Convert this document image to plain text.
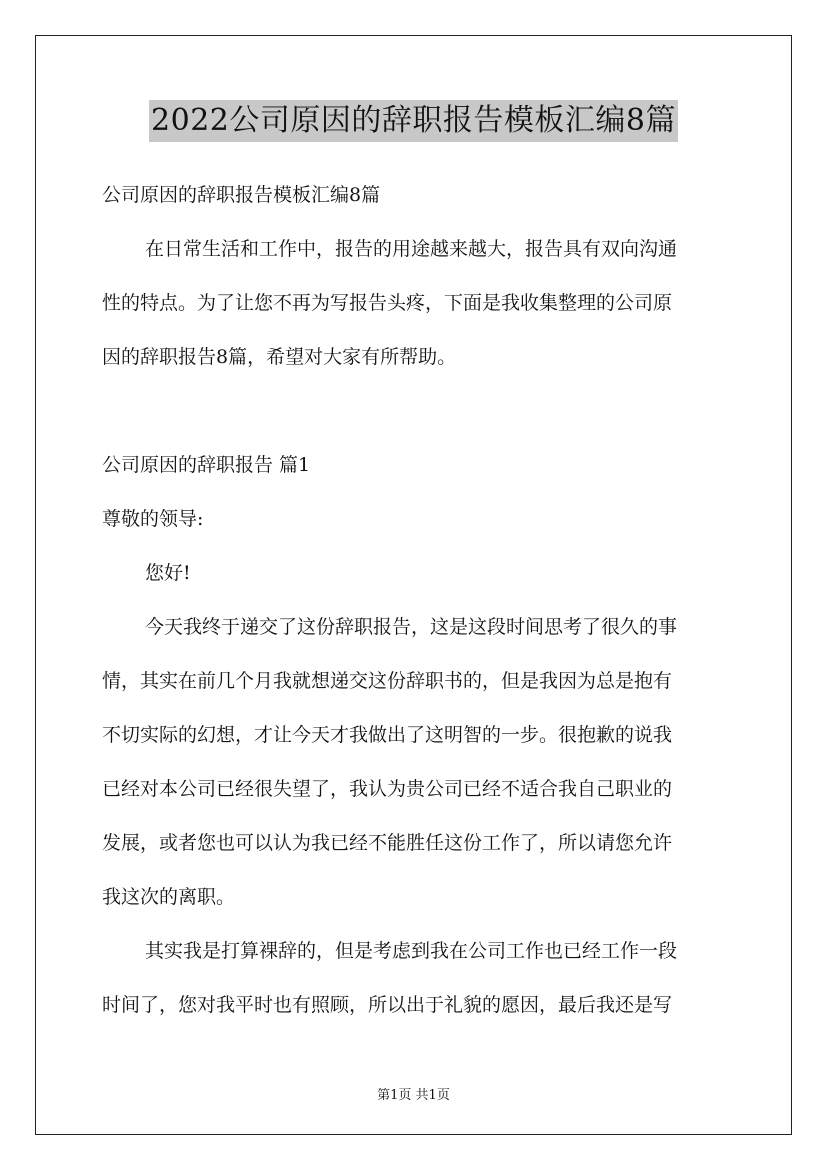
2022公司原因的辞职报告模板汇编8篇
公司原因的辞职报告模板汇编8篇
在日常生活和工作中，报告的用途越来越大，报告具有双向沟通
性的特点。为了让您不再为写报告头疼，下面是我收集整理的公司原
因的辞职报告8篇，希望对大家有所帮助。
公司原因的辞职报告 篇1
尊敬的领导:
您好!
今天我终于递交了这份辞职报告，这是这段时间思考了很久的事
情，其实在前几个月我就想递交这份辞职书的，但是我因为总是抱有
不切实际的幻想，才让今天才我做出了这明智的一步。很抱歉的说我
已经对本公司已经很失望了，我认为贵公司已经不适合我自己职业的
发展，或者您也可以认为我已经不能胜任这份工作了，所以请您允许
我这次的离职。
其实我是打算裸辞的，但是考虑到我在公司工作也已经工作一段
时间了，您对我平时也有照顾，所以出于礼貌的愿因，最后我还是写
第1页 共1页
